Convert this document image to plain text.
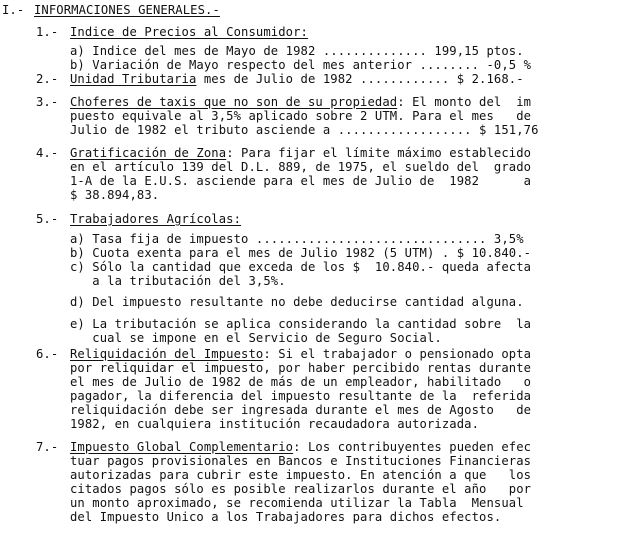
I.- INFORMACIONES GENERALES.-
1.- Indice de Precios al Consumidor:
a) Indice del mes de Mayo de 1982 .............. 199,15 ptos.
b) Variación de Mayo respecto del mes anterior ........ -0,5 %
2.- Unidad Tributaria mes de Julio de 1982 ............ $ 2.168.-
3.- Choferes de taxis que no son de su propiedad: El monto del  im
puesto equivale al 3,5% aplicado sobre 2 UTM. Para el mes   de
Julio de 1982 el tributo asciende a .................. $ 151,76
4.- Gratificación de Zona: Para fijar el límite máximo establecido
en el artículo 139 del D.L. 889, de 1975, el sueldo del  grado
1-A de la E.U.S. asciende para el mes de Julio de  1982      a
$ 38.894,83.
5.- Trabajadores Agrícolas:
a) Tasa fija de impuesto ............................... 3,5%
b) Cuota exenta para el mes de Julio 1982 (5 UTM) . $ 10.840.-
c) Sólo la cantidad que exceda de los $  10.840.- queda afecta
a la tributación del 3,5%.
d) Del impuesto resultante no debe deducirse cantidad alguna.
e) La tributación se aplica considerando la cantidad sobre  la
cual se impone en el Servicio de Seguro Social.
6.- Reliquidación del Impuesto: Si el trabajador o pensionado opta
por reliquidar el impuesto, por haber percibido rentas durante
el mes de Julio de 1982 de más de un empleador, habilitado   o
pagador, la diferencia del impuesto resultante de la  referida
reliquidación debe ser ingresada durante el mes de Agosto   de
1982, en cualquiera institución recaudadora autorizada.
7.- Impuesto Global Complementario: Los contribuyentes pueden efec
tuar pagos provisionales en Bancos e Instituciones Financieras
autorizadas para cubrir este impuesto. En atención a que   los
citados pagos sólo es posible realizarlos durante el año   por
un monto aproximado, se recomienda utilizar la Tabla  Mensual
del Impuesto Unico a los Trabajadores para dichos efectos.
